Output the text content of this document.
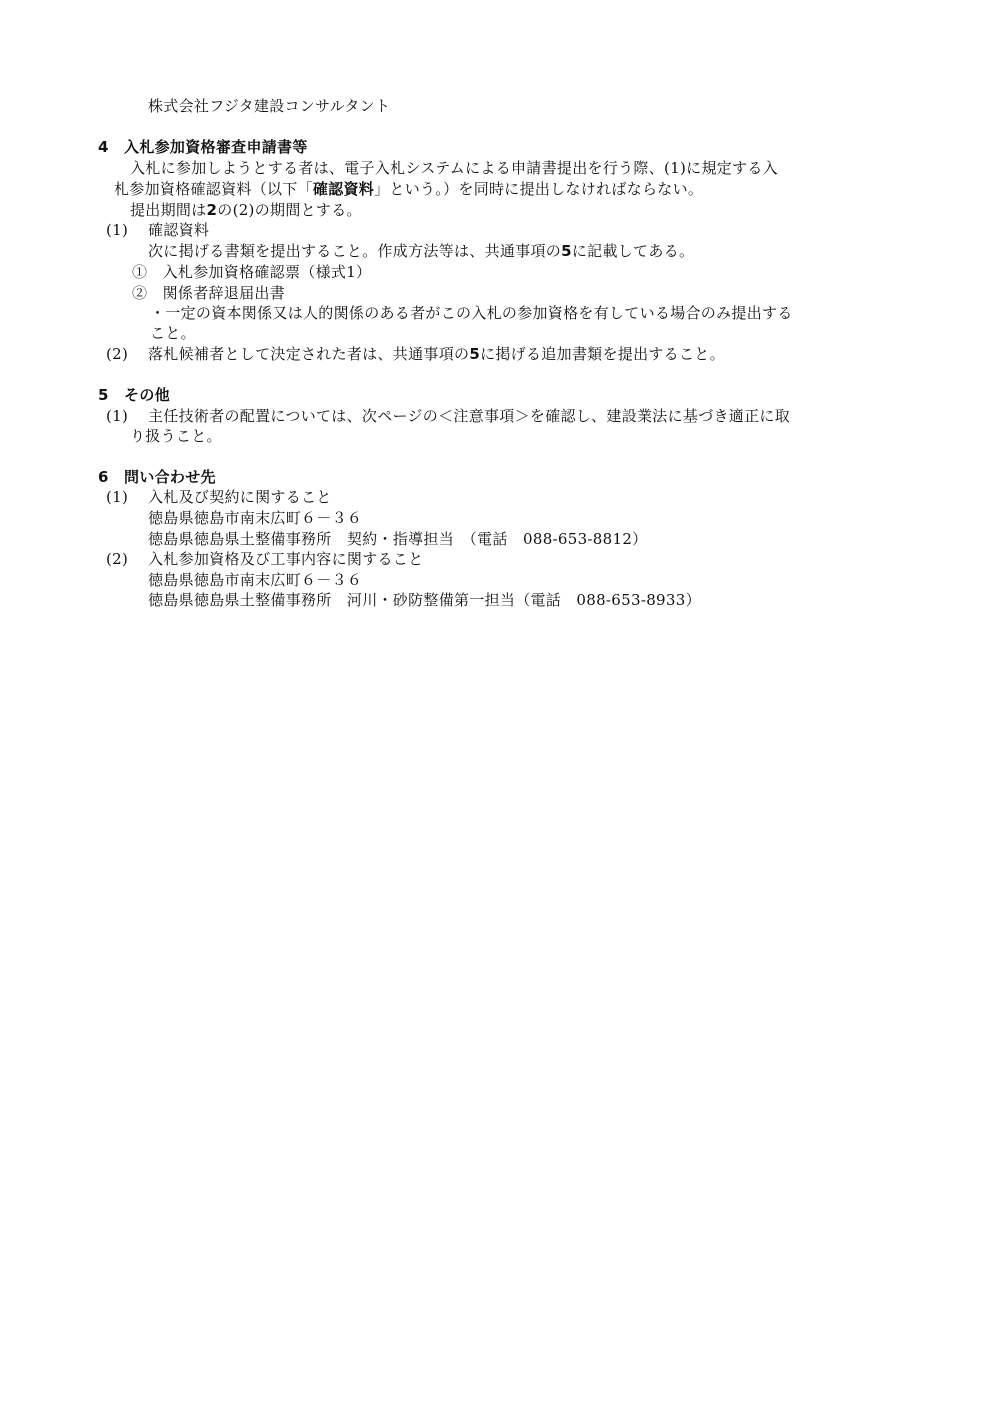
株式会社フジタ建設コンサルタント
4　入札参加資格審査申請書等
入札に参加しようとする者は、電子入札システムによる申請書提出を行う際、(1)に規定する入
札参加資格確認資料（以下「確認資料」という。）を同時に提出しなければならない。
提出期間は2の(2)の期間とする。
(1) 確認資料
次に掲げる書類を提出すること。作成方法等は、共通事項の5に記載してある。
①　入札参加資格確認票（様式1）
②　関係者辞退届出書
・一定の資本関係又は人的関係のある者がこの入札の参加資格を有している場合のみ提出する
こと。
(2) 落札候補者として決定された者は、共通事項の5に掲げる追加書類を提出すること。
5　その他
(1) 主任技術者の配置については、次ページの＜注意事項＞を確認し、建設業法に基づき適正に取
り扱うこと。
6　問い合わせ先
(1) 入札及び契約に関すること
徳島県徳島市南末広町６－３６
徳島県徳島県土整備事務所　契約・指導担当　（電話　088-653-8812）
(2) 入札参加資格及び工事内容に関すること
徳島県徳島市南末広町６－３６
徳島県徳島県土整備事務所　河川・砂防整備第一担当（電話　088-653-8933）
